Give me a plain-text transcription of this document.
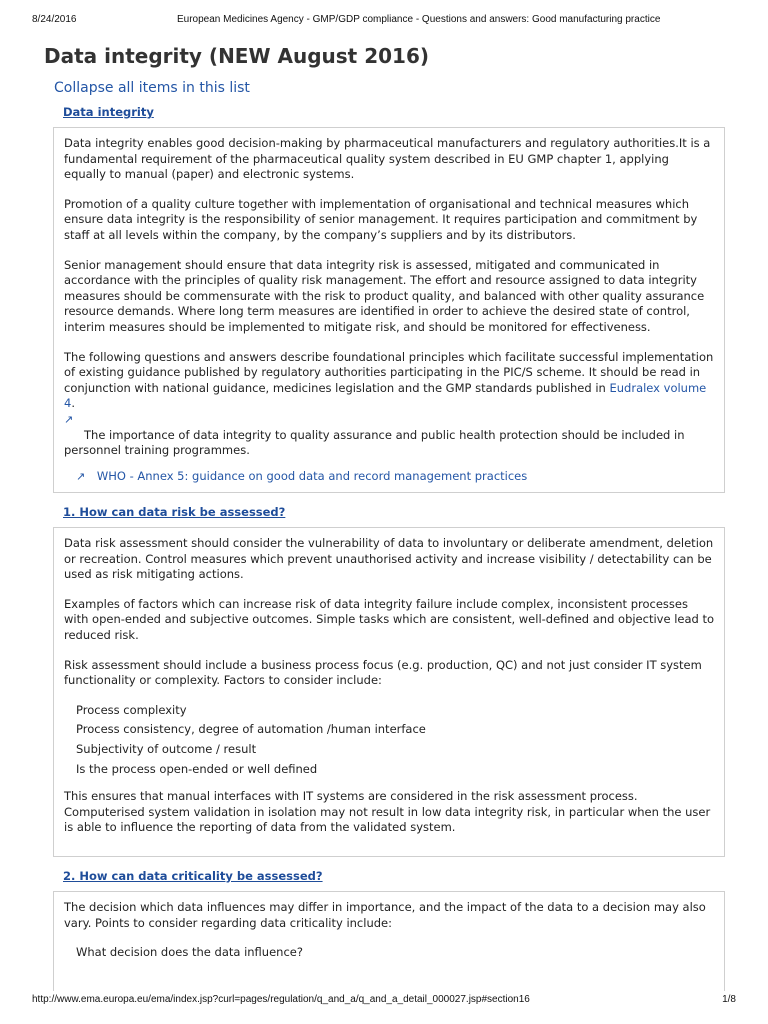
8/24/2016	European Medicines Agency - GMP/GDP compliance - Questions and answers: Good manufacturing practice
Data integrity (NEW August 2016)
Collapse all items in this list
Data integrity

Data integrity enables good decision-making by pharmaceutical manufacturers and regulatory authorities.It is a fundamental requirement of the pharmaceutical quality system described in EU GMP chapter 1, applying equally to manual (paper) and electronic systems.

Promotion of a quality culture together with implementation of organisational and technical measures which ensure data integrity is the responsibility of senior management. It requires participation and commitment by staff at all levels within the company, by the company’s suppliers and by its distributors.

Senior management should ensure that data integrity risk is assessed, mitigated and communicated in accordance with the principles of quality risk management. The effort and resource assigned to data integrity measures should be commensurate with the risk to product quality, and balanced with other quality assurance resource demands. Where long term measures are identified in order to achieve the desired state of control, interim measures should be implemented to mitigate risk, and should be monitored for effectiveness.

The following questions and answers describe foundational principles which facilitate successful implementation of existing guidance published by regulatory authorities participating in the PIC/S scheme. It should be read in conjunction with national guidance, medicines legislation and the GMP standards published in Eudralex volume 4.
↗

The importance of data integrity to quality assurance and public health protection should be included in personnel training programmes.

↗ WHO - Annex 5: guidance on good data and record management practices
1. How can data risk be assessed?

Data risk assessment should consider the vulnerability of data to involuntary or deliberate amendment, deletion or recreation. Control measures which prevent unauthorised activity and increase visibility / detectability can be used as risk mitigating actions.

Examples of factors which can increase risk of data integrity failure include complex, inconsistent processes with open-ended and subjective outcomes. Simple tasks which are consistent, well-defined and objective lead to reduced risk.

Risk assessment should include a business process focus (e.g. production, QC) and not just consider IT system functionality or complexity. Factors to consider include:

Process complexity
Process consistency, degree of automation /human interface
Subjectivity of outcome / result
Is the process open-ended or well defined

This ensures that manual interfaces with IT systems are considered in the risk assessment process. Computerised system validation in isolation may not result in low data integrity risk, in particular when the user is able to influence the reporting of data from the validated system.

2. How can data criticality be assessed?

The decision which data influences may differ in importance, and the impact of the data to a decision may also vary. Points to consider regarding data criticality include:

What decision does the data influence?

http://www.ema.europa.eu/ema/index.jsp?curl=pages/regulation/q_and_a/q_and_a_detail_000027.jsp#section16	1/8
